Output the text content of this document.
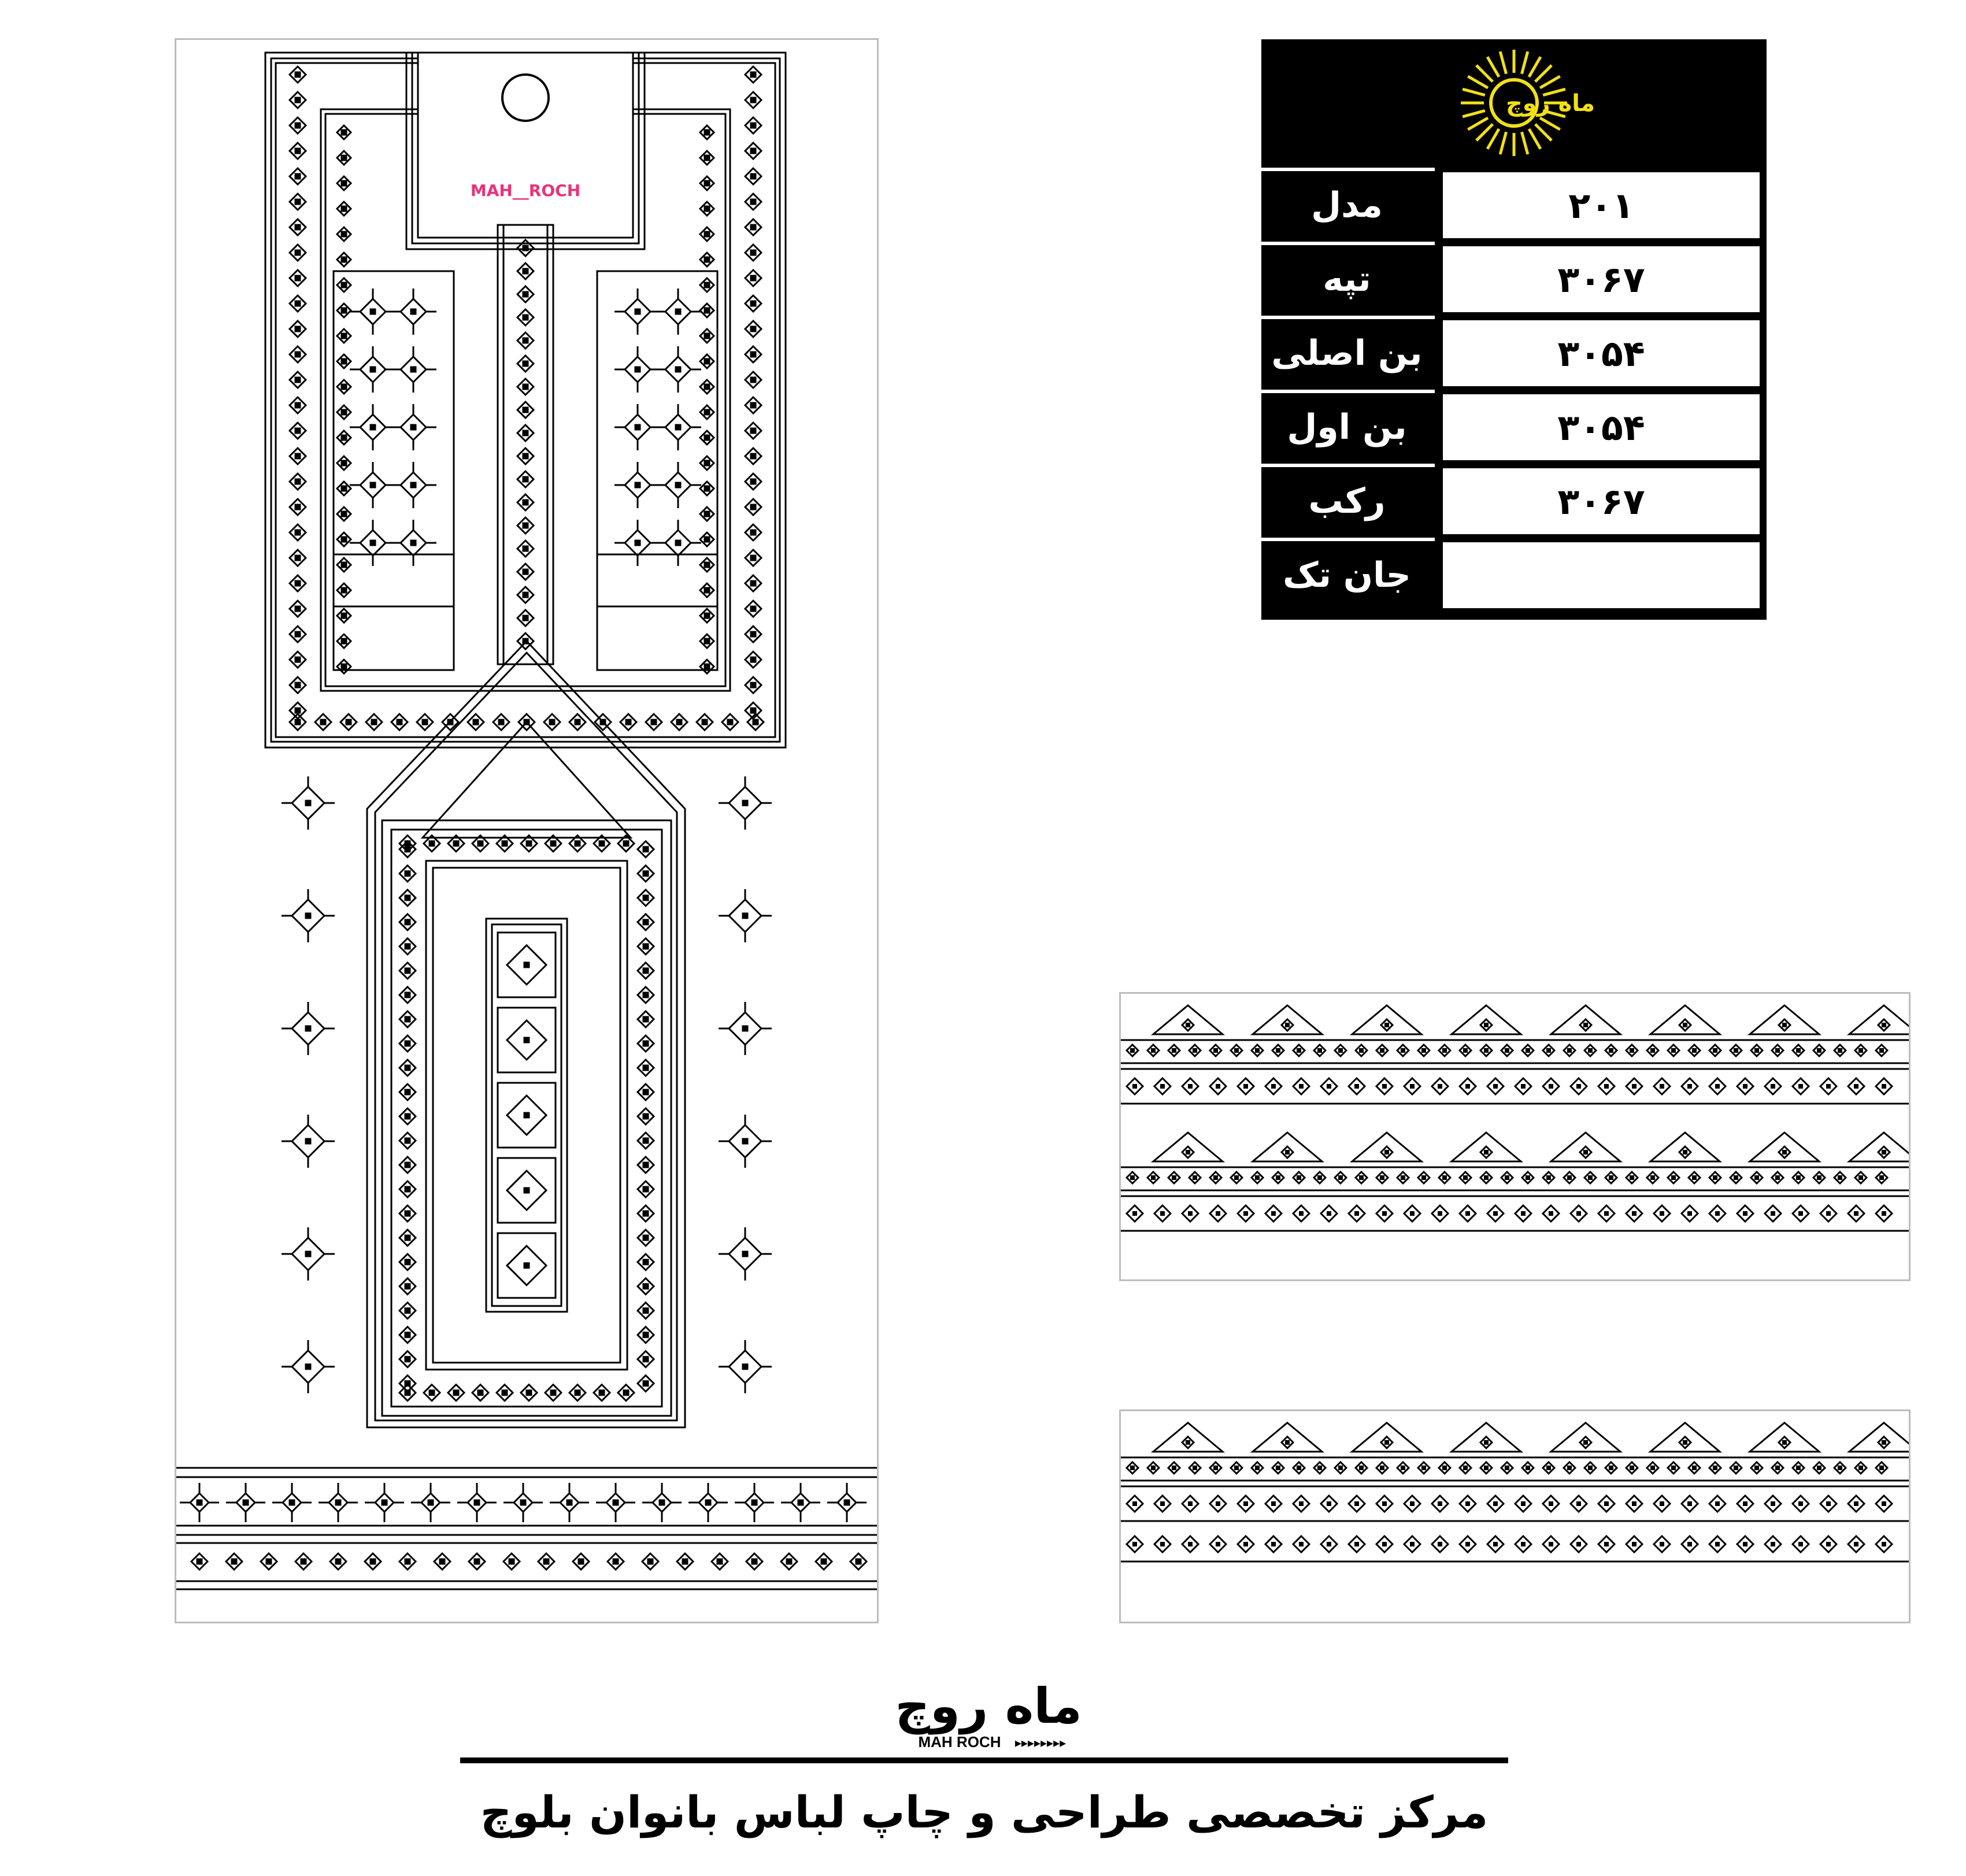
MAH__ROCH
ماه روچ
مدل	۲۰۱
تپه	۳۰۶۷
بن اصلی	۳۰۵۴
بن اول	۳۰۵۴
رکب	۳۰۶۷
جان تک
ماه روچ
MAH ROCH ▸▸▸▸▸▸▸▸
مرکز تخصصی طراحی و چاپ لباس بانوان بلوچ
